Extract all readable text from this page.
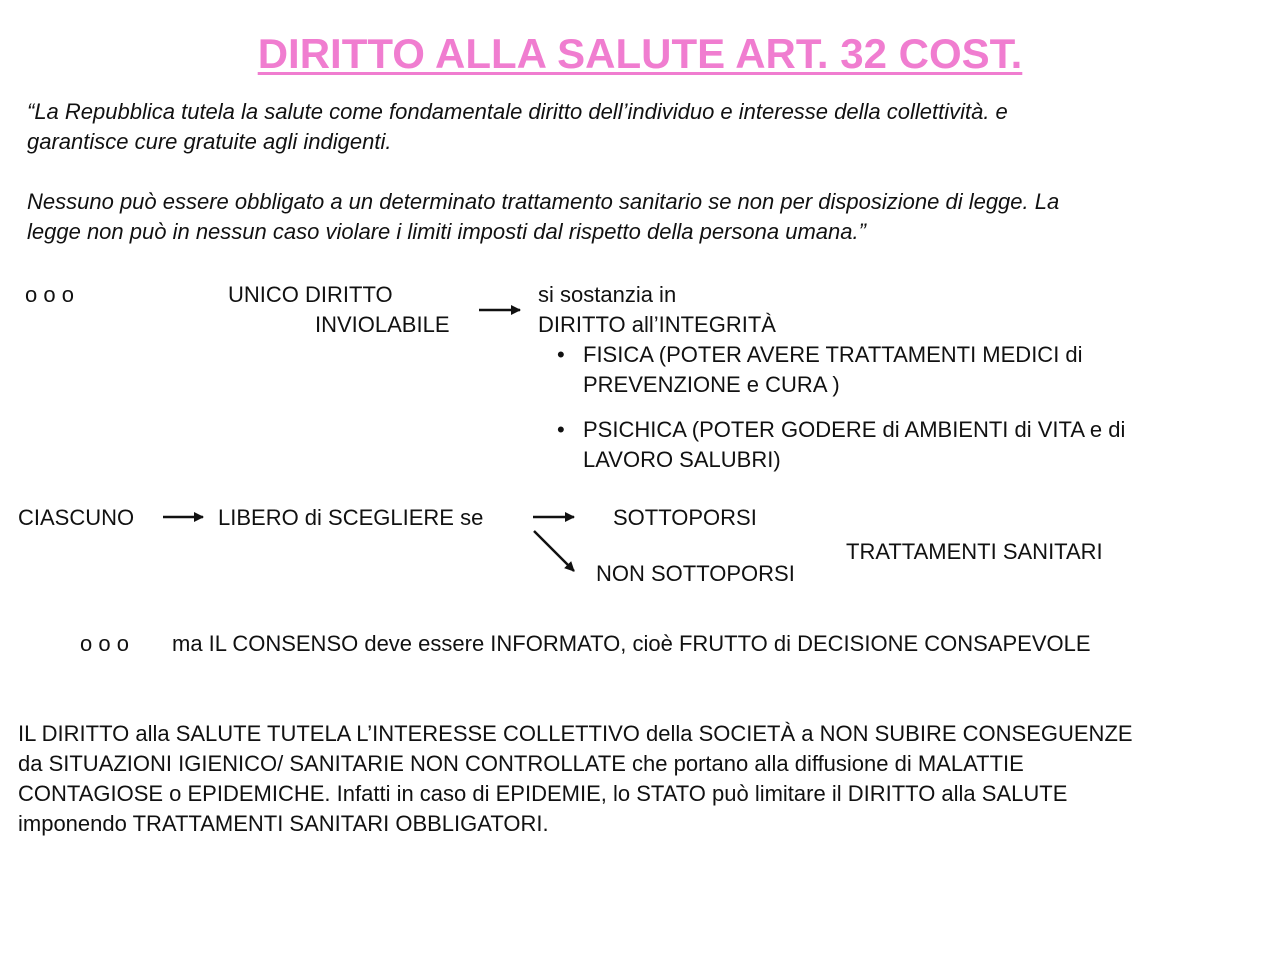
DIRITTO ALLA SALUTE ART. 32 COST.
“La Repubblica tutela la salute come fondamentale diritto dell’individuo e interesse della collettività. e
garantisce cure gratuite agli indigenti.
Nessuno può essere obbligato a un determinato trattamento sanitario se non per disposizione di legge. La
legge non può in nessun caso violare i limiti imposti dal rispetto della persona umana.”
o o o	UNICO DIRITTO
INVIOLABILE
si sostanzia in
DIRITTO all’INTEGRITÀ
• FISICA (POTER AVERE TRATTAMENTI MEDICI di
PREVENZIONE e CURA )
• PSICHICA (POTER GODERE di AMBIENTI di VITA e di
LAVORO SALUBRI)
CIASCUNO	LIBERO di SCEGLIERE se	SOTTOPORSI
NON SOTTOPORSI
TRATTAMENTI SANITARI
o o o ma IL CONSENSO deve essere INFORMATO, cioè FRUTTO di DECISIONE CONSAPEVOLE
IL DIRITTO alla SALUTE TUTELA L’INTERESSE COLLETTIVO della SOCIETÀ a NON SUBIRE CONSEGUENZE
da SITUAZIONI IGIENICO/ SANITARIE NON CONTROLLATE che portano alla diffusione di MALATTIE
CONTAGIOSE o EPIDEMICHE. Infatti in caso di EPIDEMIE, lo STATO può limitare il DIRITTO alla SALUTE
imponendo TRATTAMENTI SANITARI OBBLIGATORI.
